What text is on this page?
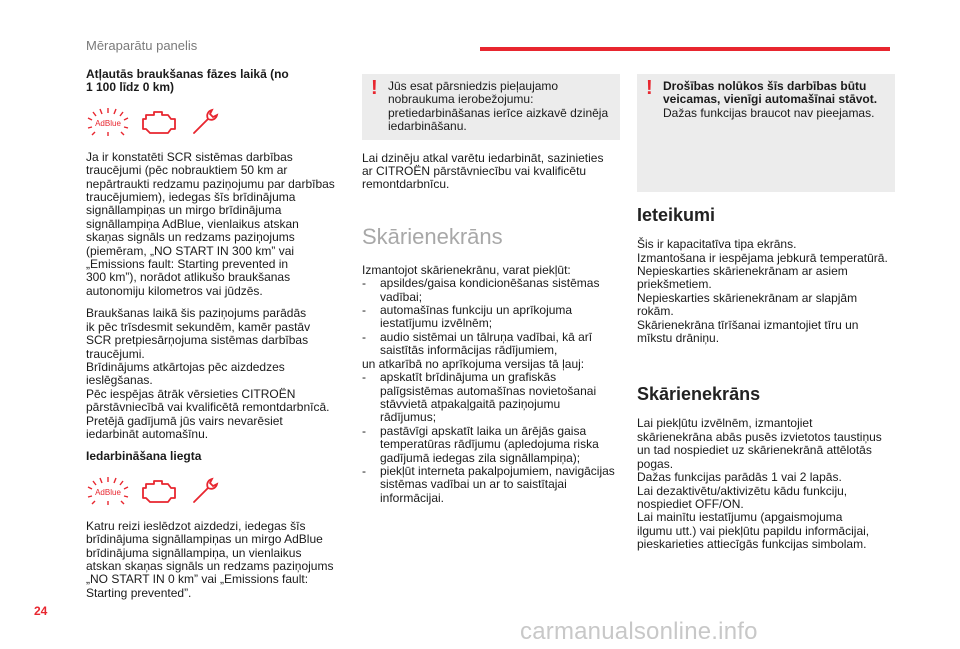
Mēraparātu panelis

Atļautās braukšanas fāzes laikā (no
1 100 līdz 0 km)

AdBlue

Ja ir konstatēti SCR sistēmas darbības
traucējumi (pēc nobrauktiem 50 km ar
nepārtraukti redzamu paziņojumu par darbības
traucējumiem), iedegas šīs brīdinājuma
signāllampiņas un mirgo brīdinājuma
signāllampiņa AdBlue, vienlaikus atskan
skaņas signāls un redzams paziņojums
(piemēram, „NO START IN 300 km” vai
„Emissions fault: Starting prevented in
300 km”), norādot atlikušo braukšanas
autonomiju kilometros vai jūdzēs.

Braukšanas laikā šis paziņojums parādās
ik pēc trīsdesmit sekundēm, kamēr pastāv
SCR pretpiesārņojuma sistēmas darbības
traucējumi.
Brīdinājums atkārtojas pēc aizdedzes
ieslēgšanas.
Pēc iespējas ātrāk vērsieties CITROËN
pārstāvniecībā vai kvalificētā remontdarbnīcā.
Pretējā gadījumā jūs vairs nevarēsiet
iedarbināt automašīnu.

Iedarbināšana liegta

AdBlue

Katru reizi ieslēdzot aizdedzi, iedegas šīs
brīdinājuma signāllampiņas un mirgo AdBlue
brīdinājuma signāllampiņa, un vienlaikus
atskan skaņas signāls un redzams paziņojums
„NO START IN 0 km” vai „Emissions fault:
Starting prevented”.

! Jūs esat pārsniedzis pieļaujamo
nobraukuma ierobežojumu:
pretiedarbināšanas ierīce aizkavē dzinēja
iedarbināšanu.

Lai dzinēju atkal varētu iedarbināt, sazinieties
ar CITROËN pārstāvniecību vai kvalificētu
remontdarbnīcu.

Skārienekrāns

Izmantojot skārienekrānu, varat piekļūt:

- apsildes/gaisa kondicionēšanas sistēmas
vadībai;
- automašīnas funkciju un aprīkojuma
iestatījumu izvēlnēm;
- audio sistēmai un tālruņa vadībai, kā arī
saistītās informācijas rādījumiem,

un atkarībā no aprīkojuma versijas tā ļauj:

- apskatīt brīdinājuma un grafiskās
palīgsistēmas automašīnas novietošanai
stāvvietā atpakaļgaitā paziņojumu
rādījumus;
- pastāvīgi apskatīt laika un ārējās gaisa
temperatūras rādījumu (apledojuma riska
gadījumā iedegas zila signāllampiņa);
- piekļūt interneta pakalpojumiem, navigācijas
sistēmas vadībai un ar to saistītajai
informācijai.
! Drošības nolūkos šīs darbības būtu
veicamas, vienīgi automašīnai stāvot.
Dažas funkcijas braucot nav pieejamas.
Ieteikumi

Šis ir kapacitatīva tipa ekrāns.
Izmantošana ir iespējama jebkurā temperatūrā.
Nepieskarties skārienekrānam ar asiem
priekšmetiem.
Nepieskarties skārienekrānam ar slapjām
rokām.
Skārienekrāna tīrīšanai izmantojiet tīru un
mīkstu drāniņu.

Skārienekrāns

Lai piekļūtu izvēlnēm, izmantojiet
skārienekrāna abās pusēs izvietotos taustiņus
un tad nospiediet uz skārienekrānā attēlotās
pogas.
Dažas funkcijas parādās 1 vai 2 lapās.
Lai dezaktivētu/aktivizētu kādu funkciju,
nospiediet OFF/ON.
Lai mainītu iestatījumu (apgaismojuma
ilgumu utt.) vai piekļūtu papildu informācijai,
pieskarieties attiecīgās funkcijas simbolam.

24
carmanualsonline.info
